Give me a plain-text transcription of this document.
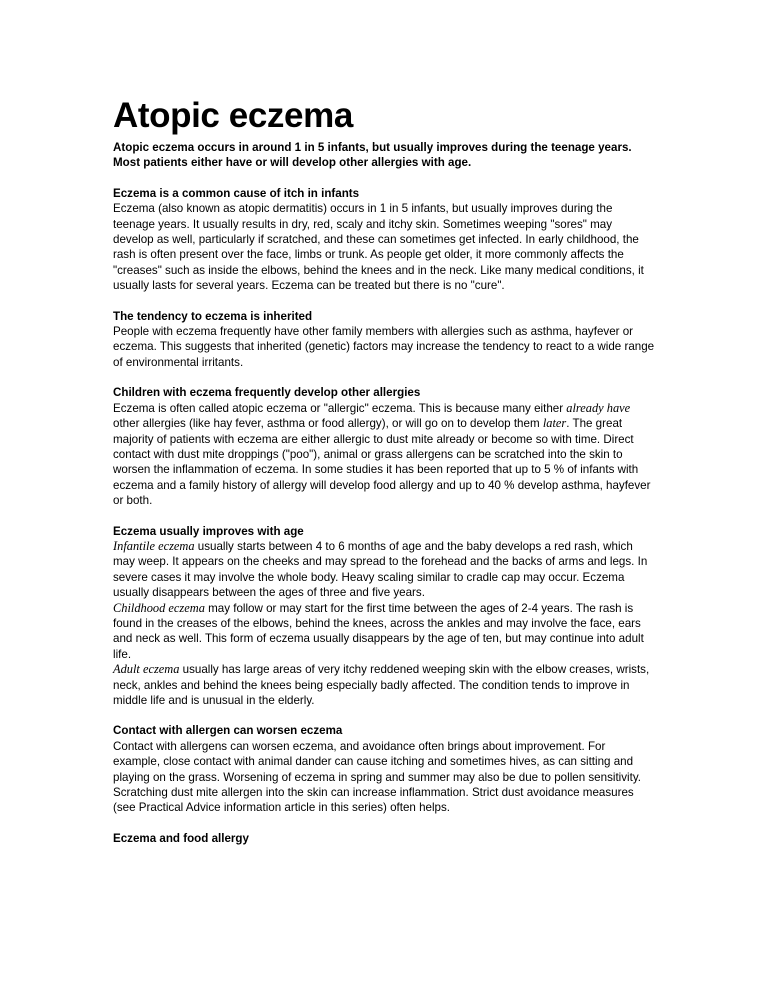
Atopic eczema

Atopic eczema occurs in around 1 in 5 infants, but usually improves during the teenage years. Most patients either have or will develop other allergies with age.

Eczema is a common cause of itch in infants

Eczema (also known as atopic dermatitis) occurs in 1 in 5 infants, but usually improves during the teenage years. It usually results in dry, red, scaly and itchy skin. Sometimes weeping "sores" may develop as well, particularly if scratched, and these can sometimes get infected. In early childhood, the rash is often present over the face, limbs or trunk. As people get older, it more commonly affects the "creases" such as inside the elbows, behind the knees and in the neck. Like many medical conditions, it usually lasts for several years. Eczema can be treated but there is no "cure".

The tendency to eczema is inherited

People with eczema frequently have other family members with allergies such as asthma, hayfever or eczema. This suggests that inherited (genetic) factors may increase the tendency to react to a wide range of environmental irritants.

Children with eczema frequently develop other allergies

Eczema is often called atopic eczema or "allergic" eczema. This is because many either already have other allergies (like hay fever, asthma or food allergy), or will go on to develop them later. The great majority of patients with eczema are either allergic to dust mite already or become so with time. Direct contact with dust mite droppings ("poo"), animal or grass allergens can be scratched into the skin to worsen the inflammation of eczema. In some studies it has been reported that up to 5 % of infants with eczema and a family history of allergy will develop food allergy and up to 40 % develop asthma, hayfever or both.

Eczema usually improves with age

Infantile eczema usually starts between 4 to 6 months of age and the baby develops a red rash, which may weep. It appears on the cheeks and may spread to the forehead and the backs of arms and legs. In severe cases it may involve the whole body. Heavy scaling similar to cradle cap may occur. Eczema usually disappears between the ages of three and five years.

Childhood eczema may follow or may start for the first time between the ages of 2-4 years. The rash is found in the creases of the elbows, behind the knees, across the ankles and may involve the face, ears and neck as well. This form of eczema usually disappears by the age of ten, but may continue into adult life.

Adult eczema usually has large areas of very itchy reddened weeping skin with the elbow creases, wrists, neck, ankles and behind the knees being especially badly affected. The condition tends to improve in middle life and is unusual in the elderly.

Contact with allergen can worsen eczema

Contact with allergens can worsen eczema, and avoidance often brings about improvement. For example, close contact with animal dander can cause itching and sometimes hives, as can sitting and playing on the grass. Worsening of eczema in spring and summer may also be due to pollen sensitivity. Scratching dust mite allergen into the skin can increase inflammation. Strict dust avoidance measures (see Practical Advice information article in this series) often helps.

Eczema and food allergy
